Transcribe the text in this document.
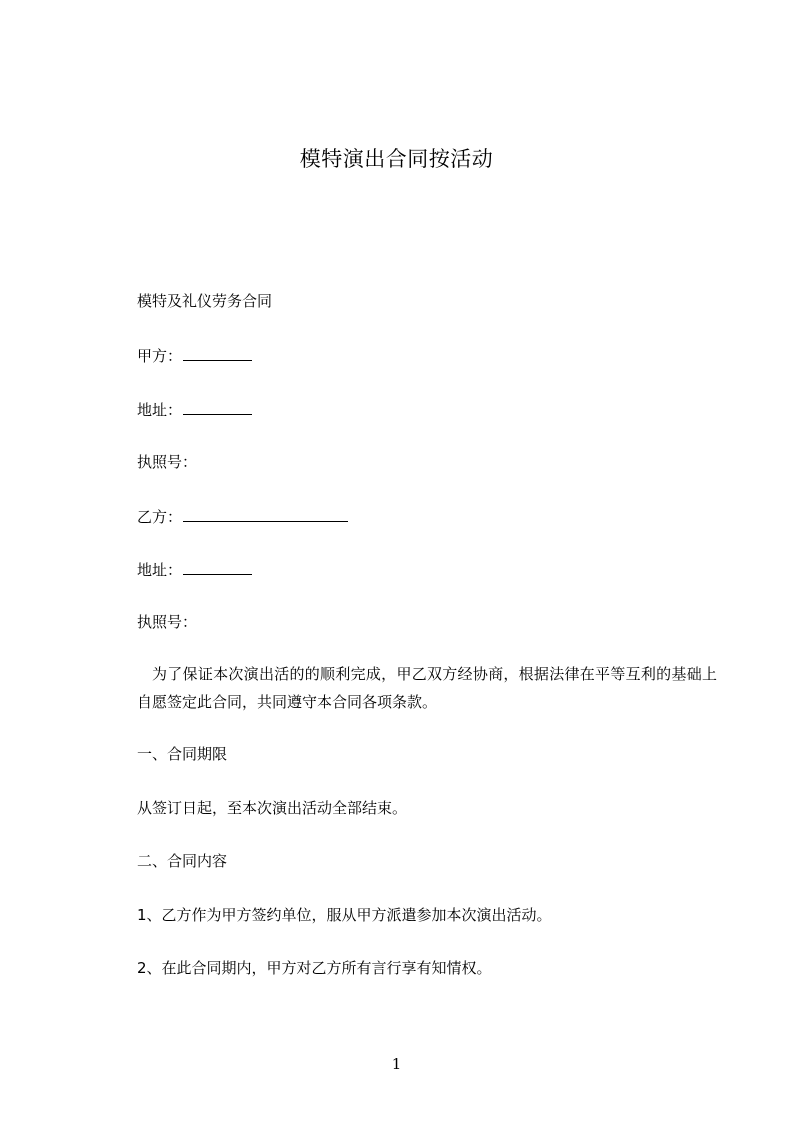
模特演出合同按活动
模特及礼仪劳务合同
甲方：
地址：
执照号：
乙方：
地址：
执照号：
为了保证本次演出活的的顺利完成，甲乙双方经协商，根据法律在平等互利的基础上自愿签定此合同，共同遵守本合同各项条款。
一、合同期限
从签订日起，至本次演出活动全部结束。
二、合同内容
1、乙方作为甲方签约单位，服从甲方派遣参加本次演出活动。
2、在此合同期内，甲方对乙方所有言行享有知情权。
1
